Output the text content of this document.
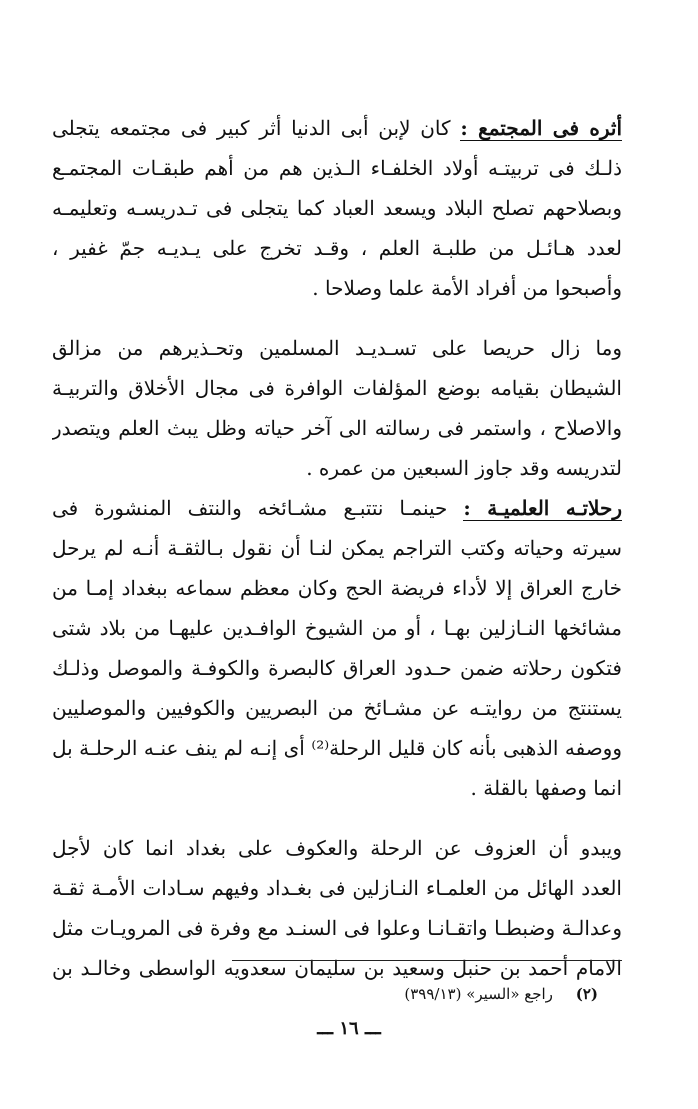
أثره فى المجتمع : كان لإبن أبى الدنيا أثر كبير فى مجتمعه يتجلى
ذلـك فى تربيتـه أولاد الخلفـاء الـذين هم من أهم طبقـات المجتمـع
وبصلاحهم تصلح البلاد ويسعد العباد كما يتجلى فى تـدريسـه وتعليمـه
لعدد هـائـل من طلبـة العلم ، وقـد تخرج على يـديـه جمّ غفير ،
وأصبحوا من أفراد الأمة علما وصلاحا .
وما زال حريصا على تسـديـد المسلمين وتحـذيرهم من مزالق
الشيطان بقيامه بوضع المؤلفات الوافرة فى مجال الأخلاق والتربيـة
والاصلاح ، واستمر فى رسالته الى آخر حياته وظل يبث العلم ويتصدر
لتدريسه وقد جاوز السبعين من عمره .
رحلاتـه العلميـة : حينمـا نتتبـع مشـائخه والنتف المنشورة فى
سيرته وحياته وكتب التراجم يمكن لنـا أن نقول بـالثقـة أنـه لم يرحل
خارج العراق إلا لأداء فريضة الحج وكان معظم سماعه ببغداد إمـا من
مشائخها النـازلين بهـا ، أو من الشيوخ الوافـدين عليهـا من بلاد شتى
فتكون رحلاته ضمن حـدود العراق كالبصرة والكوفـة والموصل وذلـك
يستنتج من روايتـه عن مشـائخ من البصريين والكوفيين والموصليين
ووصفه الذهبى بأنه كان قليل الرحلة⁽²⁾ أى إنـه لم ينف عنـه الرحلـة بل
انما وصفها بالقلة .
ويبدو أن العزوف عن الرحلة والعكوف على بغداد انما كان لأجل
العدد الهائل من العلمـاء النـازلين فى بغـداد وفيهم سـادات الأمـة ثقـة
وعدالـة وضبطـا واتقـانـا وعلوا فى السنـد مع وفرة فى المرويـات مثل
الامام أحمد بن حنبل وسعيد بن سليمان سعدويه الواسطى وخالـد بن
(٢) راجع «السير» (٣٩٩/١٣)
ـــ ١٦ ـــ
